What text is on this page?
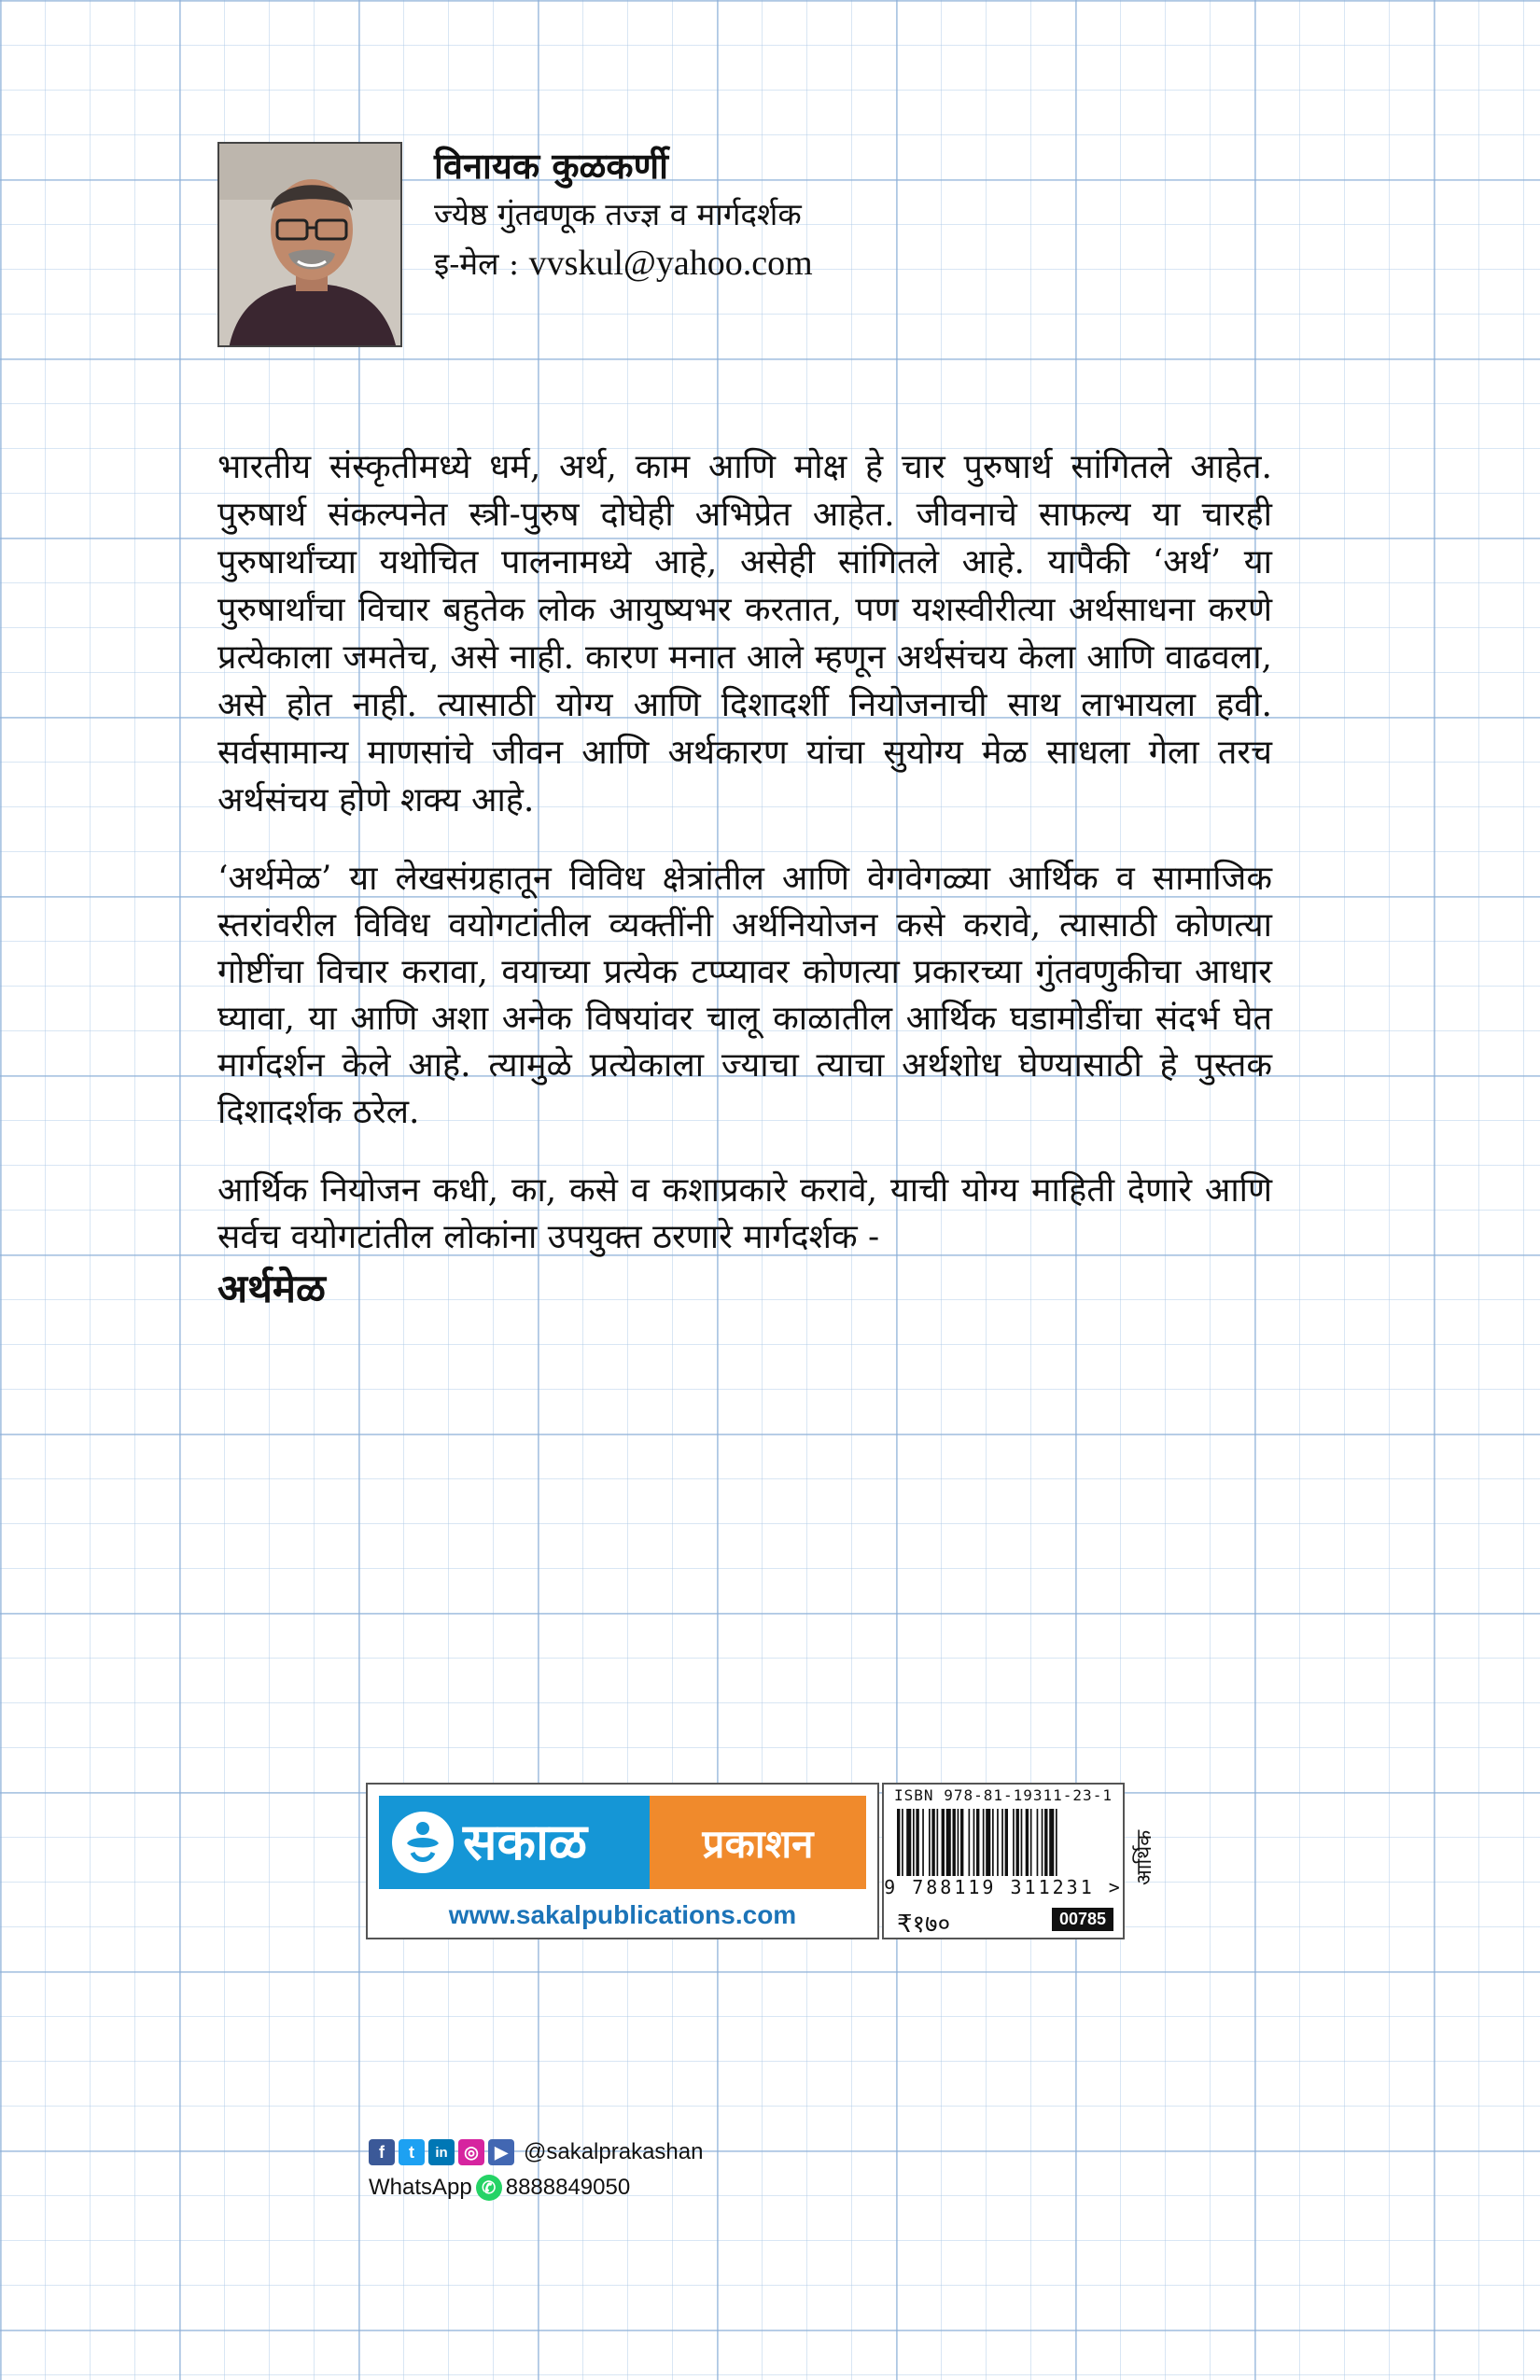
विनायक कुळकर्णी
ज्येष्ठ गुंतवणूक तज्ज्ञ व मार्गदर्शक
इ-मेल : vvskul@yahoo.com

भारतीय संस्कृतीमध्ये धर्म, अर्थ, काम आणि मोक्ष हे चार पुरुषार्थ सांगितले आहेत. पुरुषार्थ संकल्पनेत स्त्री-पुरुष दोघेही अभिप्रेत आहेत. जीवनाचे साफल्य या चारही पुरुषार्थांच्या यथोचित पालनामध्ये आहे, असेही सांगितले आहे. यापैकी ‘अर्थ’ या पुरुषार्थांचा विचार बहुतेक लोक आयुष्यभर करतात, पण यशस्वीरीत्या अर्थसाधना करणे प्रत्येकाला जमतेच, असे नाही. कारण मनात आले म्हणून अर्थसंचय केला आणि वाढवला, असे होत नाही. त्यासाठी योग्य आणि दिशादर्शी नियोजनाची साथ लाभायला हवी. सर्वसामान्य माणसांचे जीवन आणि अर्थकारण यांचा सुयोग्य मेळ साधला गेला तरच अर्थसंचय होणे शक्य आहे.

‘अर्थमेळ’ या लेखसंग्रहातून विविध क्षेत्रांतील आणि वेगवेगळ्या आर्थिक व सामाजिक स्तरांवरील विविध वयोगटांतील व्यक्तींनी अर्थनियोजन कसे करावे, त्यासाठी कोणत्या गोष्टींचा विचार करावा, वयाच्या प्रत्येक टप्प्यावर कोणत्या प्रकारच्या गुंतवणुकीचा आधार घ्यावा, या आणि अशा अनेक विषयांवर चालू काळातील आर्थिक घडामोडींचा संदर्भ घेत मार्गदर्शन केले आहे. त्यामुळे प्रत्येकाला ज्याचा त्याचा अर्थशोध घेण्यासाठी हे पुस्तक दिशादर्शक ठरेल.

आर्थिक नियोजन कधी, का, कसे व कशाप्रकारे करावे, याची योग्य माहिती देणारे आणि सर्वच वयोगटांतील लोकांना उपयुक्त ठरणारे मार्गदर्शक -

अर्थमेळ
सकाळ	प्रकाशन
www.sakalpublications.com
ISBN 978-81-19311-23-1
9 788119 311231 >
₹१७०	00785
आर्थिक
f	t	in ◎ ▶ @sakalprakashan
WhatsApp ✆ 8888849050
